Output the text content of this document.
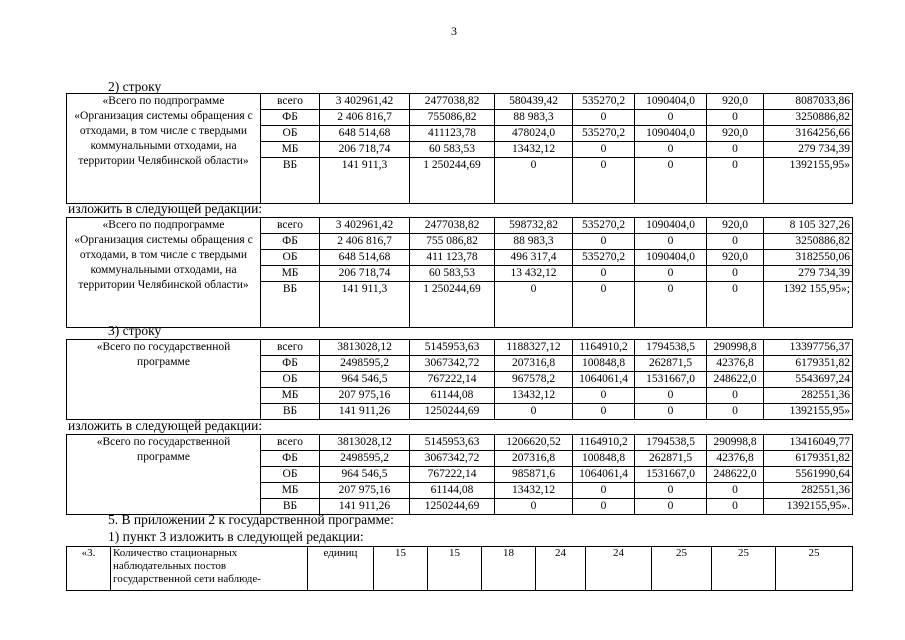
3
2) строку
«Всего по подпрограмме «Организация системы обращения с отходами, в том числе с твердыми коммунальными отходами, на территории Челябинской области»	всего	3 402961,42	2477038,82	580439,42	535270,2	1090404,0	920,0	8087033,86
	ФБ	2 406 816,7	755086,82	88 983,3	0	0	0	3250886,82
	ОБ	648 514,68	411123,78	478024,0	535270,2	1090404,0	920,0	3164256,66
	МБ	206 718,74	60 583,53	13432,12	0	0	0	279 734,39
	ВБ	141 911,3	1 250244,69	0	0	0	0	1392155,95»
изложить в следующей редакции:
«Всего по подпрограмме «Организация системы обращения с отходами, в том числе с твердыми коммунальными отходами, на территории Челябинской области»	всего	3 402961,42	2477038,82	598732,82	535270,2	1090404,0	920,0	8 105 327,26
	ФБ	2 406 816,7	755 086,82	88 983,3	0	0	0	3250886,82
	ОБ	648 514,68	411 123,78	496 317,4	535270,2	1090404,0	920,0	3182550,06
	МБ	206 718,74	60 583,53	13 432,12	0	0	0	279 734,39
	ВБ	141 911,3	1 250244,69	0	0	0	0	1392 155,95»;
3) строку
«Всего по государственной программе	всего	3813028,12	5145953,63	1188327,12	1164910,2	1794538,5	290998,8	13397756,37
	ФБ	2498595,2	3067342,72	207316,8	100848,8	262871,5	42376,8	6179351,82
	ОБ	964 546,5	767222,14	967578,2	1064061,4	1531667,0	248622,0	5543697,24
	МБ	207 975,16	61144,08	13432,12	0	0	0	282551,36
	ВБ	141 911,26	1250244,69	0	0	0	0	1392155,95»
изложить в следующей редакции:
«Всего по государственной программе	всего	3813028,12	5145953,63	1206620,52	1164910,2	1794538,5	290998,8	13416049,77
	ФБ	2498595,2	3067342,72	207316,8	100848,8	262871,5	42376,8	6179351,82
	ОБ	964 546,5	767222,14	985871,6	1064061,4	1531667,0	248622,0	5561990,64
	МБ	207 975,16	61144,08	13432,12	0	0	0	282551,36
	ВБ	141 911,26	1250244,69	0	0	0	0	1392155,95».
5. В приложении 2 к государственной программе:
1) пункт 3 изложить в следующей редакции:
«3.	Количество стационарных наблюдательных постов государственной сети наблюде-	единиц	15	15	18	24	24	25	25	25	
